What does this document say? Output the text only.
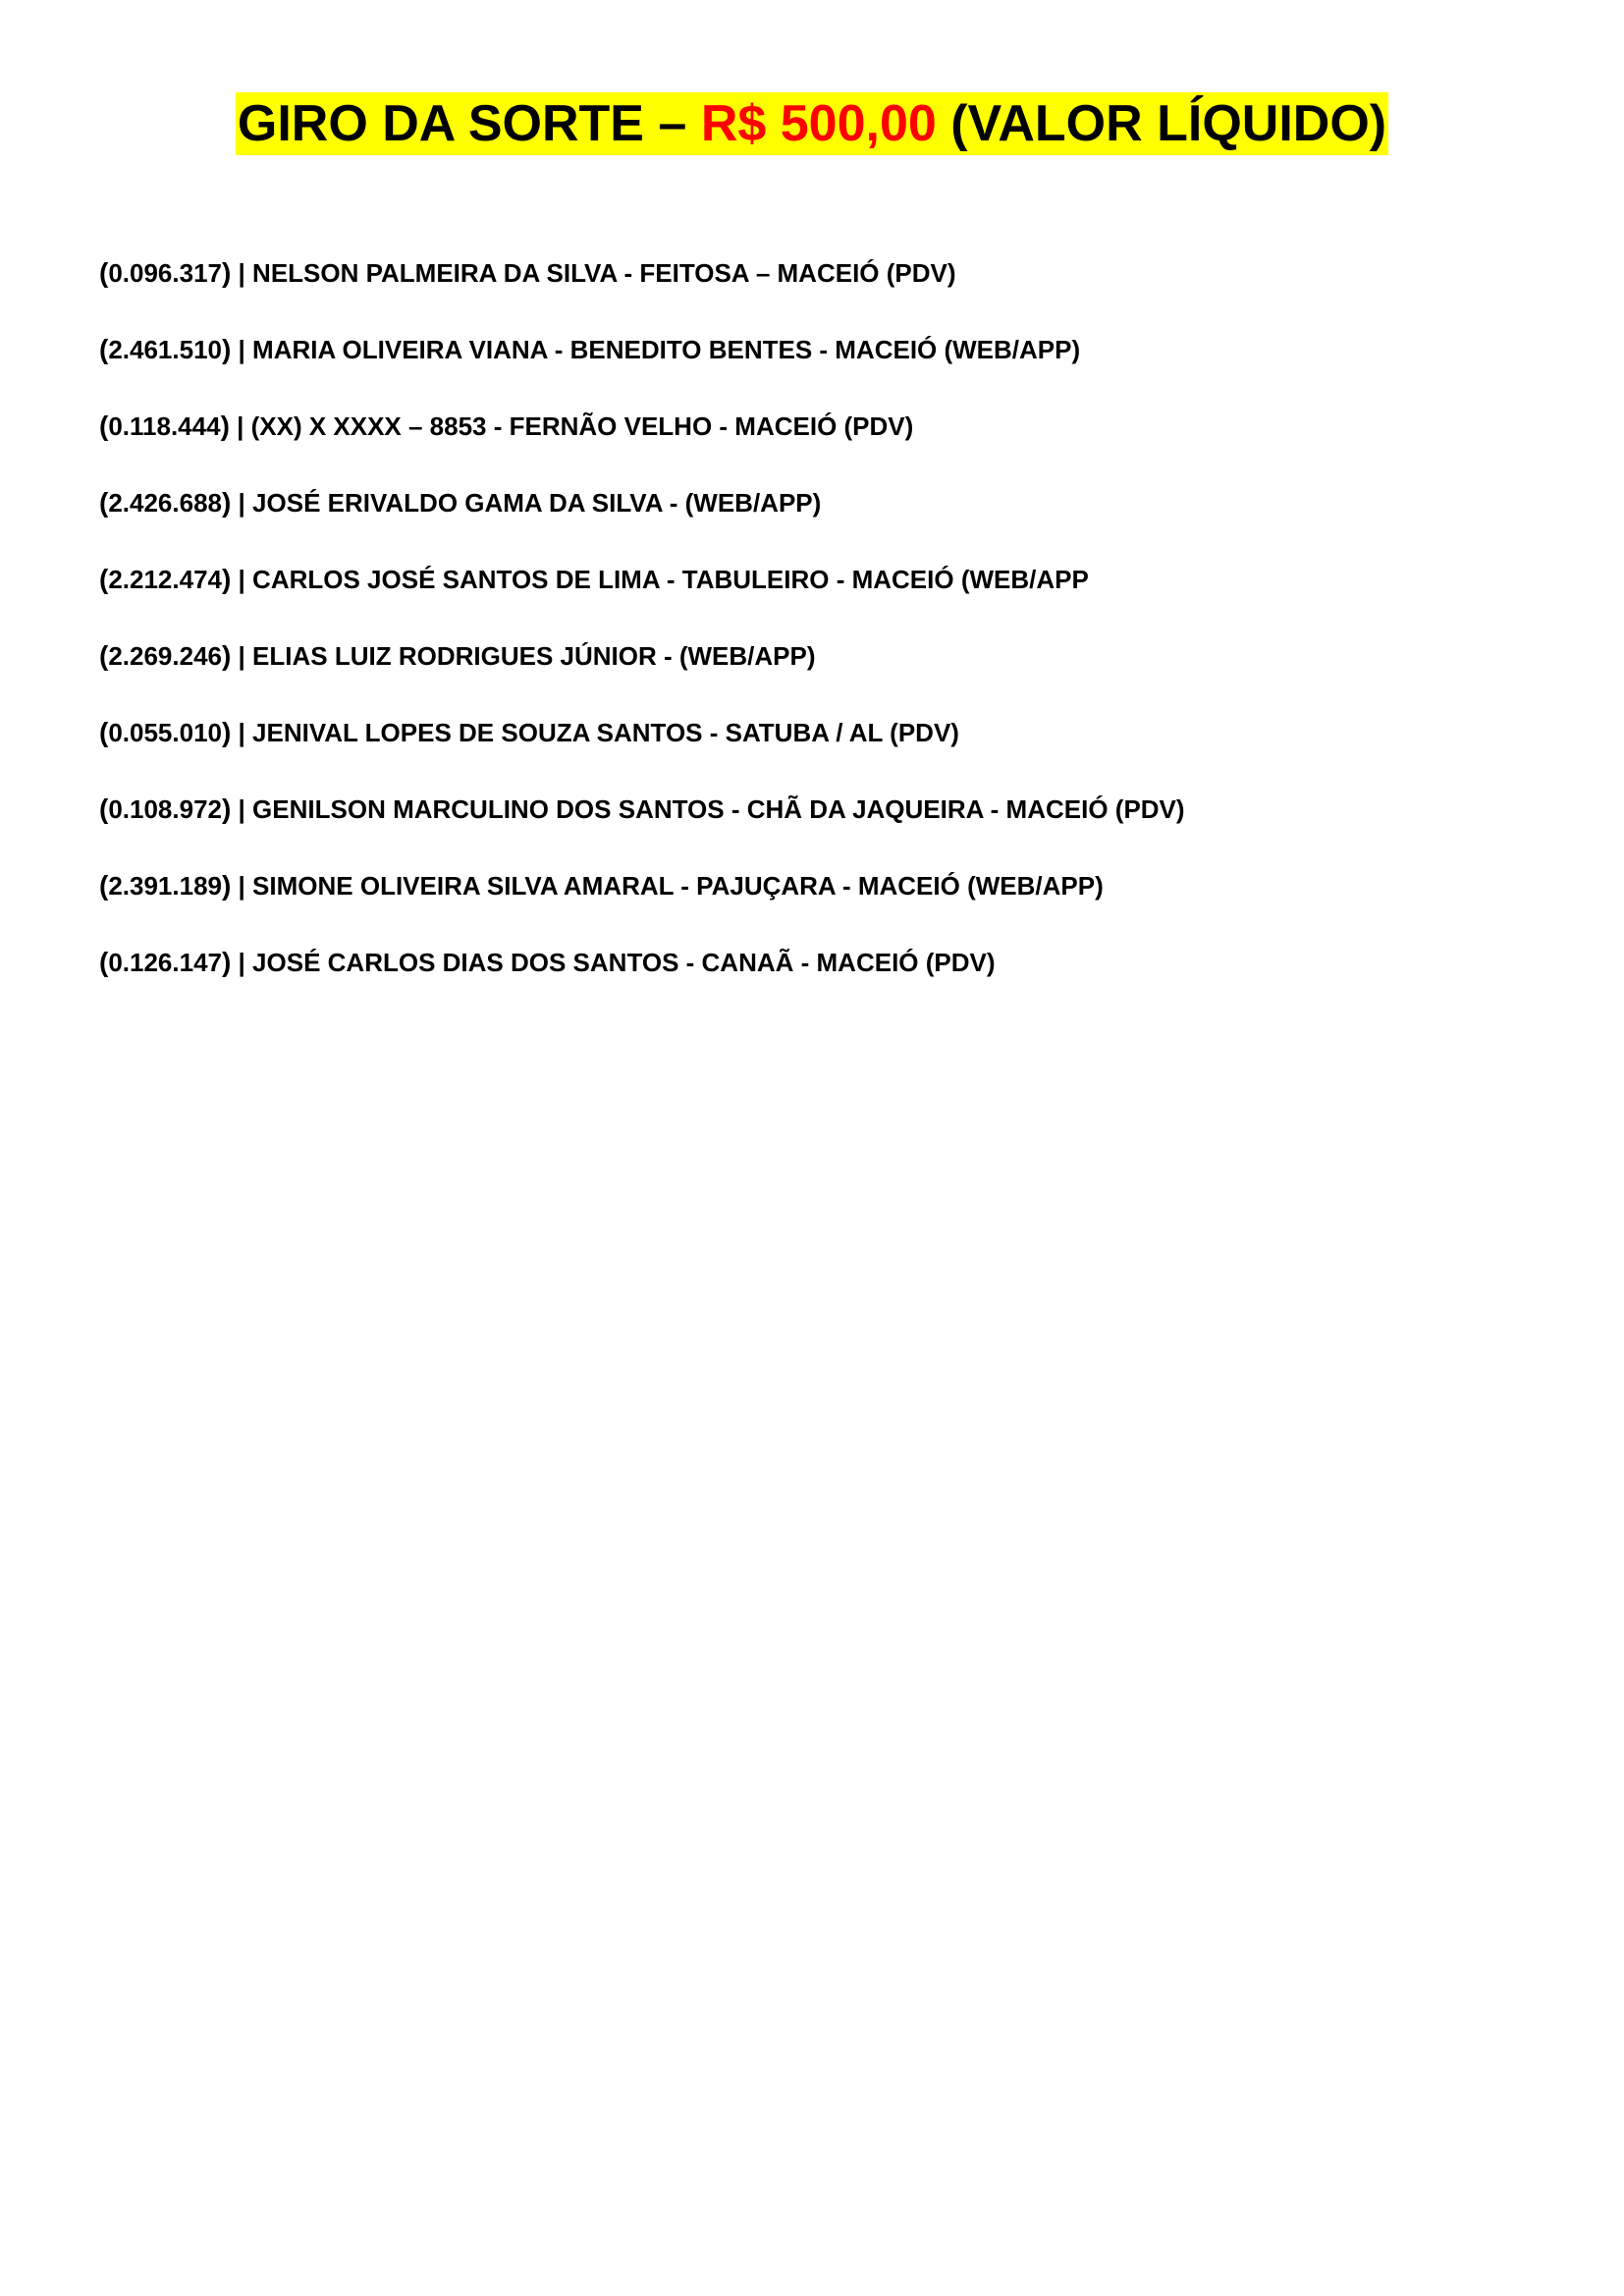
GIRO DA SORTE – R$ 500,00 (VALOR LÍQUIDO)
(0.096.317) | NELSON PALMEIRA DA SILVA - FEITOSA – MACEIÓ (PDV)
(2.461.510) | MARIA OLIVEIRA VIANA - BENEDITO BENTES - MACEIÓ (WEB/APP)
(0.118.444) | (XX) X XXXX – 8853 - FERNÃO VELHO - MACEIÓ (PDV)
(2.426.688) | JOSÉ ERIVALDO GAMA DA SILVA - (WEB/APP)
(2.212.474) | CARLOS JOSÉ SANTOS DE LIMA - TABULEIRO - MACEIÓ (WEB/APP
(2.269.246) | ELIAS LUIZ RODRIGUES JÚNIOR - (WEB/APP)
(0.055.010) | JENIVAL LOPES DE SOUZA SANTOS - SATUBA / AL (PDV)
(0.108.972) | GENILSON MARCULINO DOS SANTOS - CHÃ DA JAQUEIRA - MACEIÓ (PDV)
(2.391.189) | SIMONE OLIVEIRA SILVA AMARAL - PAJUÇARA - MACEIÓ (WEB/APP)
(0.126.147) | JOSÉ CARLOS DIAS DOS SANTOS - CANAÃ - MACEIÓ (PDV)
